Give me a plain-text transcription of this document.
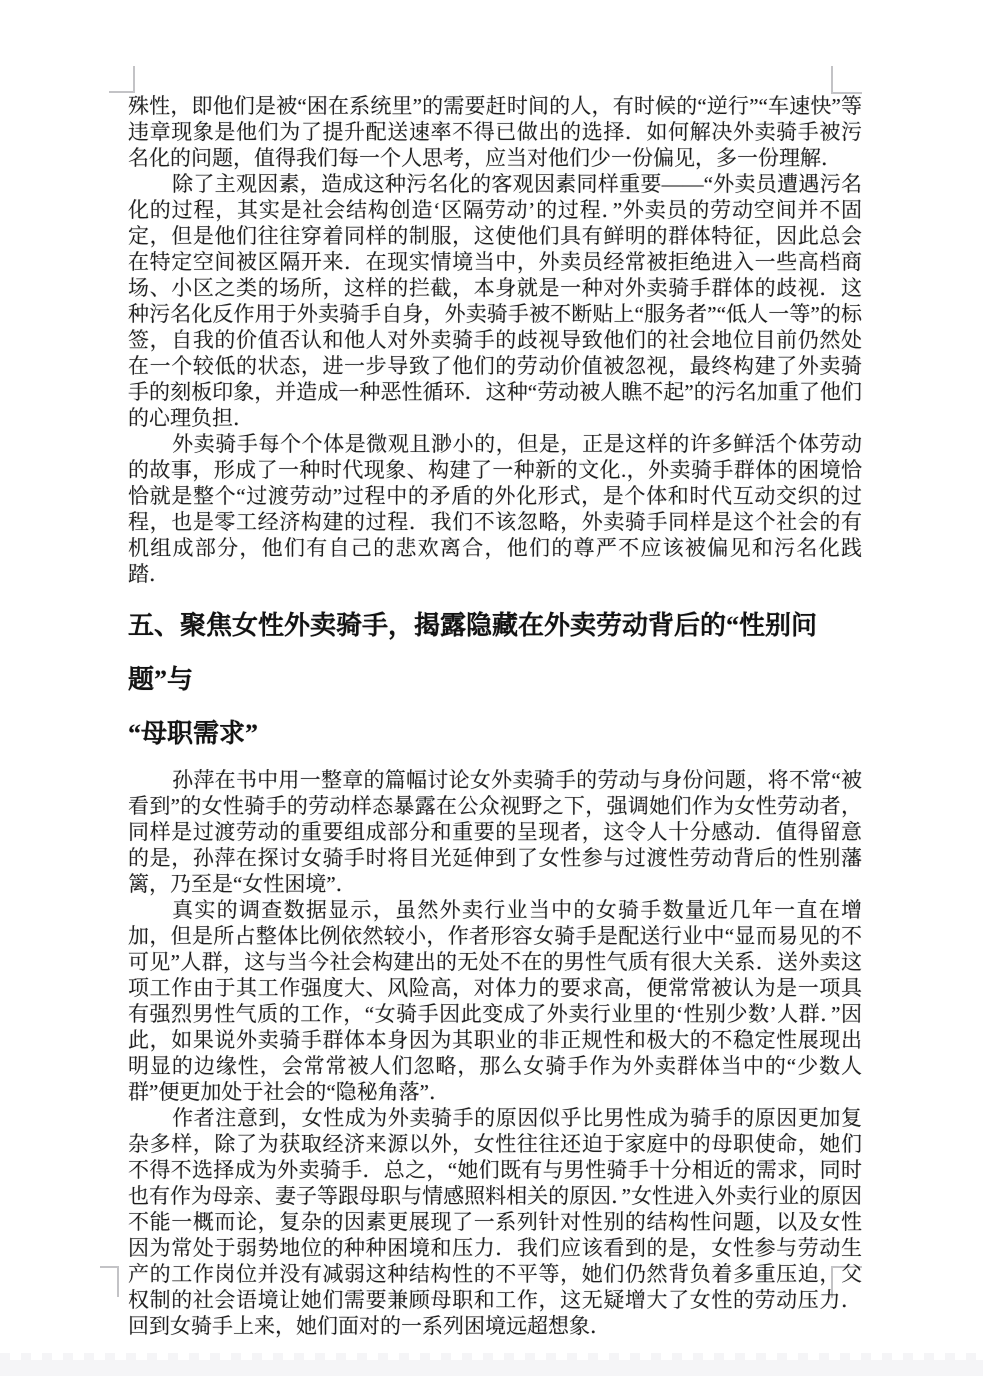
殊性，即他们是被“困在系统里”的需要赶时间的人，有时候的“逆行”“车速快”等违章现象是他们为了提升配送速率不得已做出的选择．如何解决外卖骑手被污名化的问题，值得我们每一个人思考，应当对他们少一份偏见，多一份理解．

除了主观因素，造成这种污名化的客观因素同样重要——“外卖员遭遇污名化的过程，其实是社会结构创造‘区隔劳动’的过程．”外卖员的劳动空间并不固定，但是他们往往穿着同样的制服，这使他们具有鲜明的群体特征，因此总会在特定空间被区隔开来．在现实情境当中，外卖员经常被拒绝进入一些高档商场、小区之类的场所，这样的拦截，本身就是一种对外卖骑手群体的歧视．这种污名化反作用于外卖骑手自身，外卖骑手被不断贴上“服务者”“低人一等”的标签，自我的价值否认和他人对外卖骑手的歧视导致他们的社会地位目前仍然处在一个较低的状态，进一步导致了他们的劳动价值被忽视，最终构建了外卖骑手的刻板印象，并造成一种恶性循环．这种“劳动被人瞧不起”的污名加重了他们的心理负担．

外卖骑手每个个体是微观且渺小的，但是，正是这样的许多鲜活个体劳动的故事，形成了一种时代现象、构建了一种新的文化.，外卖骑手群体的困境恰恰就是整个“过渡劳动”过程中的矛盾的外化形式，是个体和时代互动交织的过程，也是零工经济构建的过程．我们不该忽略，外卖骑手同样是这个社会的有机组成部分，他们有自己的悲欢离合，他们的尊严不应该被偏见和污名化践踏．

五、聚焦女性外卖骑手，揭露隐藏在外卖劳动背后的“性别问题”与
“母职需求”

孙萍在书中用一整章的篇幅讨论女外卖骑手的劳动与身份问题，将不常“被看到”的女性骑手的劳动样态暴露在公众视野之下，强调她们作为女性劳动者，同样是过渡劳动的重要组成部分和重要的呈现者，这令人十分感动．值得留意的是，孙萍在探讨女骑手时将目光延伸到了女性参与过渡性劳动背后的性别藩篱，乃至是“女性困境”．

真实的调查数据显示，虽然外卖行业当中的女骑手数量近几年一直在增加，但是所占整体比例依然较小，作者形容女骑手是配送行业中“显而易见的不可见”人群，这与当今社会构建出的无处不在的男性气质有很大关系．送外卖这项工作由于其工作强度大、风险高，对体力的要求高，便常常被认为是一项具有强烈男性气质的工作，“女骑手因此变成了外卖行业里的‘性别少数’人群．”因此，如果说外卖骑手群体本身因为其职业的非正规性和极大的不稳定性展现出明显的边缘性，会常常被人们忽略，那么女骑手作为外卖群体当中的“少数人群”便更加处于社会的“隐秘角落”．

作者注意到，女性成为外卖骑手的原因似乎比男性成为骑手的原因更加复杂多样，除了为获取经济来源以外，女性往往还迫于家庭中的母职使命，她们不得不选择成为外卖骑手．总之，“她们既有与男性骑手十分相近的需求，同时也有作为母亲、妻子等跟母职与情感照料相关的原因．”女性进入外卖行业的原因不能一概而论，复杂的因素更展现了一系列针对性别的结构性问题，以及女性因为常处于弱势地位的种种困境和压力．我们应该看到的是，女性参与劳动生产的工作岗位并没有减弱这种结构性的不平等，她们仍然背负着多重压迫，父权制的社会语境让她们需要兼顾母职和工作，这无疑增大了女性的劳动压力．回到女骑手上来，她们面对的一系列困境远超想象．
